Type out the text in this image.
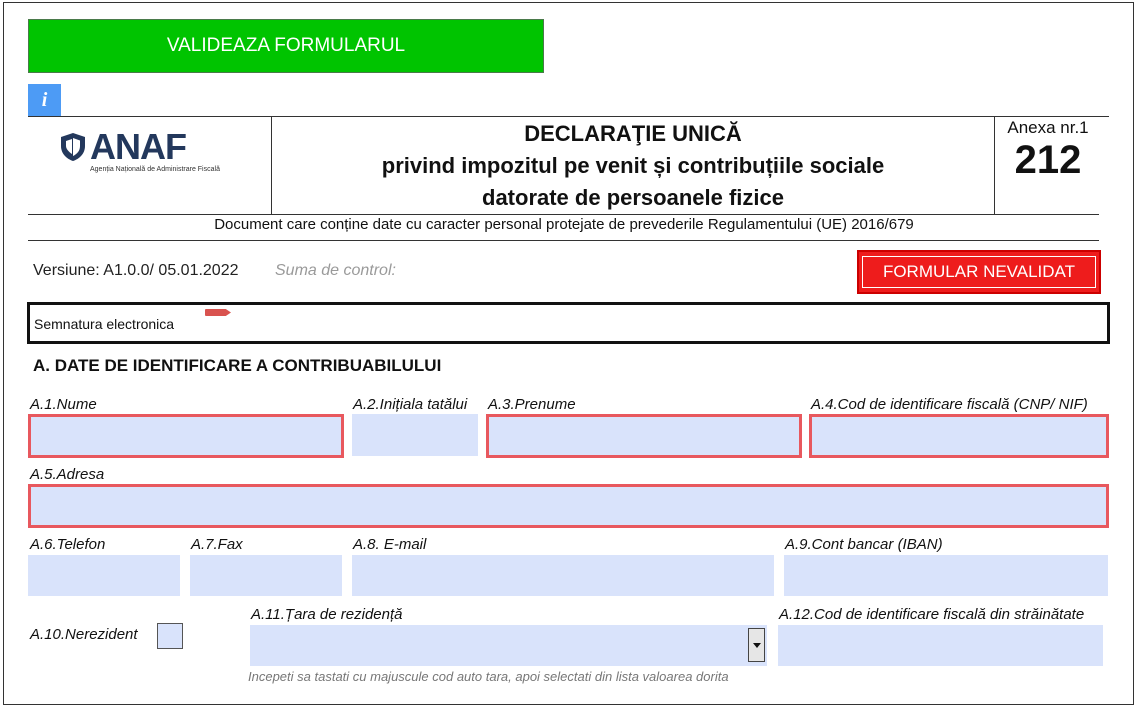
VALIDEAZA FORMULARUL
i
ANAF
Agenția Națională de Administrare Fiscală
DECLARAŢIE UNICĂ
privind impozitul pe venit și contribuțiile sociale
datorate de persoanele fizice
Anexa nr.1
212
Document care conține date cu caracter personal protejate de prevederile Regulamentului (UE) 2016/679
Versiune: A1.0.0/ 05.01.2022 Suma de control:	FORMULAR NEVALIDAT
Semnatura electronica
A. DATE DE IDENTIFICARE A CONTRIBUABILULUI
A.1.Nume	A.2.Inițiala tatălui A.3.Prenume	A.4.Cod de identificare fiscală (CNP/ NIF)
A.5.Adresa
A.6.Telefon	A.7.Fax	A.8. E-mail	A.9.Cont bancar (IBAN)
A.10.Nerezident
A.11.Țara de rezidență
Incepeti sa tastati cu majuscule cod auto tara, apoi selectati din lista valoarea dorita
A.12.Cod de identificare fiscală din străinătate
